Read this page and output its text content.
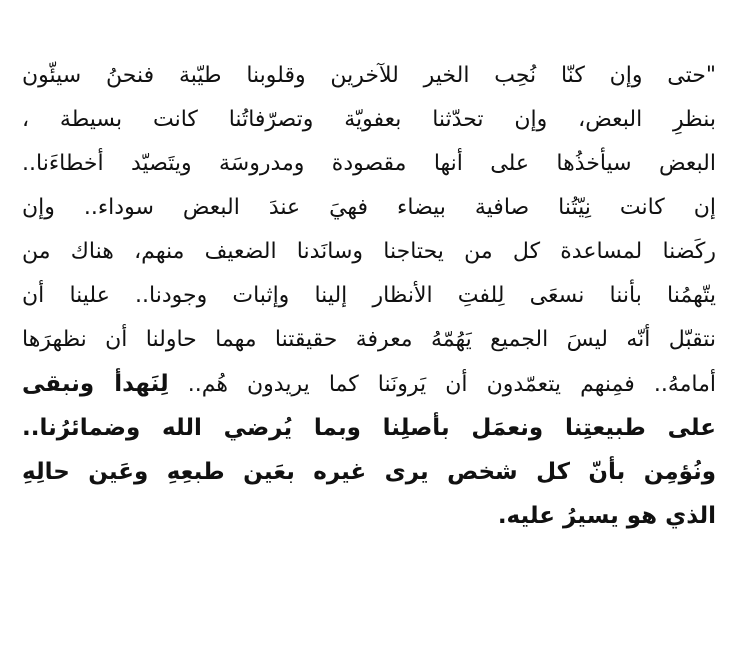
"حتى وإن كنّا نُحِب الخير للآخرين وقلوبنا طيّبة فنحنُ سيئّون
بنظرِ البعض، وإن تحدّثنا بعفويّة وتصرّفاتُنا كانت بسيطة ،
البعض سيأخذُها على أنها مقصودة ومدروسَة ويتَصيّد أخطاءَنا..
إن كانت نِيّتُنا صافية بيضاء فهيَ عندَ البعض سوداء.. وإن
ركَضنا لمساعدة كل من يحتاجنا وسانَدنا الضعيف منهم، هناك من
يتّهمُنا بأننا نسعَى لِلفتِ الأنظار إلينا وإثبات وجودنا.. علينا أن
نتقبّل أنّه ليسَ الجميع يَهُمّهُ معرفة حقيقتنا مهما حاولنا أن نظهرَها
أمامهُ.. فمِنهم يتعمّدون أن يَرونَنا كما يريدون هُم.. لِنَهدأ ونبقى
على طبيعتِنا ونعمَل بأصلِنا وبما يُرضي الله وضمائرُنا..
ونُؤمِن بأنّ كل شخص يرى غيره بعَين طبعِهِ وعَين حالِهِ
الذي هو يسيرُ عليه.
